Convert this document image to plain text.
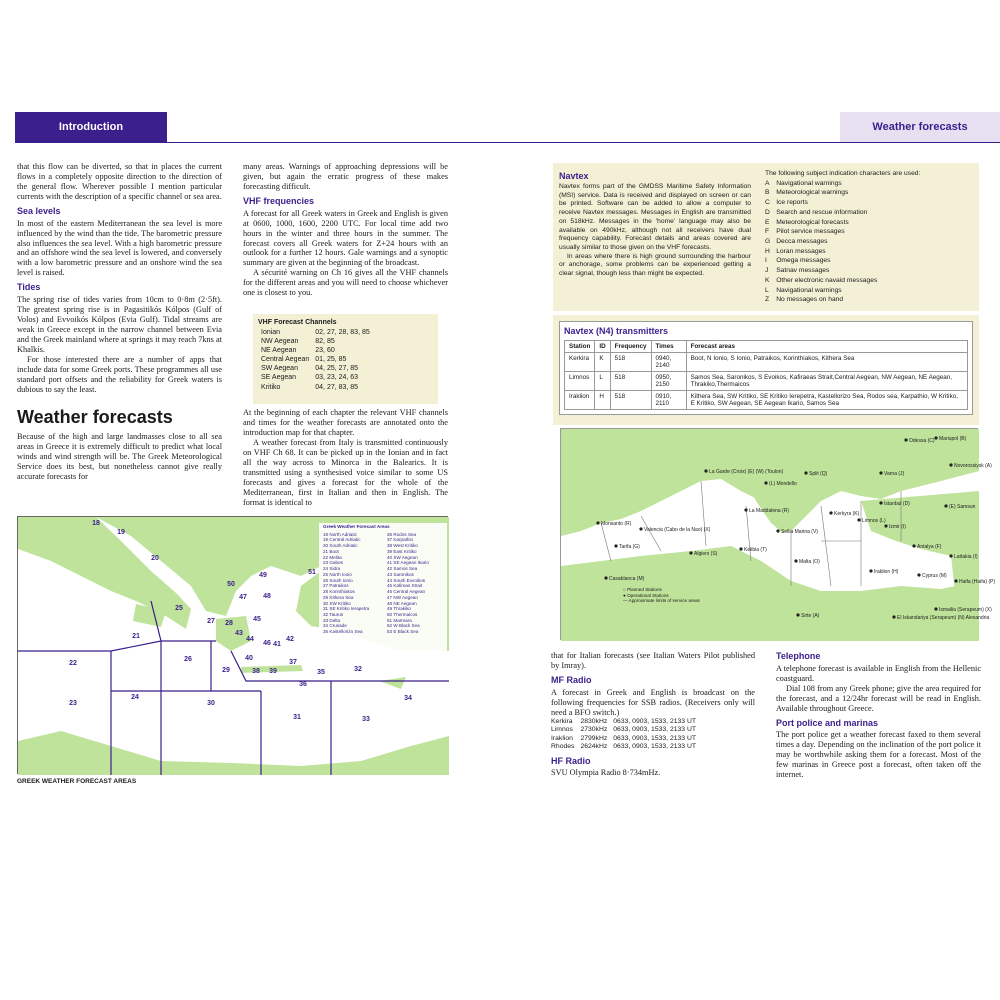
Introduction	Weather forecasts

that this flow can be diverted, so that in places the current flows in a completely opposite direction to the direction of the general flow. Wherever possible I mention particular currents with the description of a specific channel or sea area.

Sea levels

In most of the eastern Mediterranean the sea level is more influenced by the wind than the tide. The barometric pressure also influences the sea level. With a high barometric pressure and an offshore wind the sea level is lowered, and conversely with a low barometric pressure and an onshore wind the sea level is raised.

Tides

The spring rise of tides varies from 10cm to 0·8m (2·5ft). The greatest spring rise is in Pagasitikós Kólpos (Gulf of Volos) and Evvoikós Kólpos (Evia Gulf). Tidal streams are weak in Greece except in the narrow channel between Evia and the Greek mainland where at springs it may reach 7kns at Khalkís.

For those interested there are a number of apps that include data for some Greek ports. These programmes all use standard port offsets and the reliability for Greek waters is dubious to say the least.

Weather forecasts

Because of the high and large landmasses close to all sea areas in Greece it is extremely difficult to predict what local winds and wind strength will be. The Greek Meteorological Service does its best, but nonetheless cannot give really accurate forecasts for

many areas. Warnings of approaching depressions will be given, but again the erratic progress of these makes forecasting difficult.

VHF frequencies

A forecast for all Greek waters in Greek and English is given at 0600, 1000, 1600, 2200 UTC. For local time add two hours in the winter and three hours in the summer. The forecast covers all Greek waters for Z+24 hours with an outlook for a further 12 hours. Gale warnings and a synoptic summary are given at the beginning of the broadcast.

A sécurité warning on Ch 16 gives all the VHF channels for the different areas and you will need to choose whichever one is closest to you.

VHF Forecast Channels
Ionian	02, 27, 28, 83, 85
NW Aegean	82, 85
NE Aegean	23, 60
Central Aegean	01, 25, 85
SW Aegean	04, 25, 27, 85
SE Aegean	03, 23, 24, 63
Kritiko	04, 27, 83, 85

At the beginning of each chapter the relevant VHF channels and times for the weather forecasts are annotated onto the introduction map for that chapter.

A weather forecast from Italy is transmitted continuously on VHF Ch 68. It can be picked up in the Ionian and in fact all the way across to Minorca in the Balearics. It is transmitted using a synthesised voice similar to some US forecasts and gives a forecast for the whole of the Mediterranean, first in Italian and then in English. The format is identical to

18
19
20
21
22
23
24
25
26
27 28
29
30
31
32
33
34
35
36
37
38 39
40
41
42
43
44
45
46
47 48
49
50
51
Greek Weather Forecast Areas
18 North Adriatic
19 Central Adriatic
20 South Adriatic
21 Boot
22 Melita
23 Gabes
24 Sidra
25 North Ionio
26 South Ionio
27 Patraikos
28 Korinthiakos
29 Kithera Sea
30 SW Kritiko
31 SE Kritiko Ierapetra
32 Taurus
33 Delta
34 Crusade
35 Kastellorizo Sea
36 Rodos Sea
37 Karpathio
38 West Kritiko
39 East Kritiko
40 SW Aegean
41 SE Aegean Ikario
42 Samos Sea
43 Saronikos
44 South Evvoikos
45 Kafireas Strait
46 Central Aegean
47 NW Aegean
48 NE Aegean
49 Thrakiko
50 Thermaicos
51 Marmara
52 W Black Sea
53 E Black Sea
GREEK WEATHER FORECAST AREAS
Navtex

Navtex forms part of the GMDSS Maritime Safety Information (MSI) service. Data is received and displayed on screen or can be printed. Software can be added to allow a computer to receive Navtex messages. Messages in English are transmitted on 518kHz. Messages in the 'home' language may also be available on 490kHz, although not all receivers have dual frequency capability. Forecast details and areas covered are usually similar to those given on the VHF forecasts.

In areas where there is high ground surrounding the harbour or anchorage, some problems can be experienced getting a clear signal, though less than might be expected.

The following subject indication characters are used:
A	Navigational warnings
B	Meteorological warnings
C	Ice reports
D	Search and rescue information
E	Meteorological forecasts
F	Pilot service messages
G	Decca messages
H	Loran messages
I	Omega messages
J	Satnav messages
K	Other electronic navaid messages
L	Navigational warnings
Z	No messages on hand
Navtex (N4) transmitters
Station	ID	Frequency	Times	Forecast areas
Kerkira	K	518	0940, 2140	Boot, N Ionio, S Ionio, Patraikos, Korinthiakos, Kithera Sea
Limnos	L	518	0950, 2150	Samos Sea, Saronikos, S Evoikos, Kafiraeas Strait,Central Aegean, NW Aegean, NE Aegean, Thrakiko,Thermaicos
Iraklion	H	518	0910, 2110	Kithera Sea, SW Kritiko, SE Kritiko Ierepetra, Kastellorizo Sea, Rodos sea, Karpathio, W Kritiko, E Kritiko, SW Aegean, SE Aegean Ikario, Samos Sea
Odessa (C) Mariupol (B)
Novorossiysk (A)
Varna (J)
La Garde (Croix) (E) (W) (Toulon)	Split (Q)
Istanbul (D)	(E) Samsun
Monsanto (R)
Valencia (Cabo de la Nao) (X)
(L) Mondello
La Maddalena (R)	Kerkyra (K)
Limnos (L)
Izmir (I)
Tarifa (G)
Sellia Marina (V)
Antalya (F)
Algiers (S)
Kelibia (T)
Malta (O)
Iraklion (H)
Cyprus (M)
Lattakia (I)
Haifa (Haifa) (P)
Casablanca (M)
Sirte (A)	El Iskandariya (Serapeum) (N) Alexandria
Ismailia (Serapeum) (X)
○ Planned Stations
● Operational Stations
— Approximate limits of service areas

that for Italian forecasts (see Italian Waters Pilot published by Imray).

MF Radio

A forecast in Greek and English is broadcast on the following frequencies for SSB radios. (Receivers only will need a BFO switch.)

Kerkira	2830kHz	0633, 0903, 1533, 2133 UT
Limnos	2730kHz	0633, 0903, 1533, 2133 UT
Iraklion	2799kHz	0633, 0903, 1533, 2133 UT
Rhodes	2624kHz	0633, 0903, 1533, 2133 UT
HF Radio

SVU Olympia Radio 8·734mHz.

Telephone

A telephone forecast is available in English from the Hellenic coastguard.

Dial 108 from any Greek phone; give the area required for the forecast, and a 12/24hr forecast will be read in English. Available throughout Greece.

Port police and marinas

The port police get a weather forecast faxed to them several times a day. Depending on the inclination of the port police it may be worthwhile asking them for a forecast. Most of the few marinas in Greece post a forecast, often taken off the internet.
